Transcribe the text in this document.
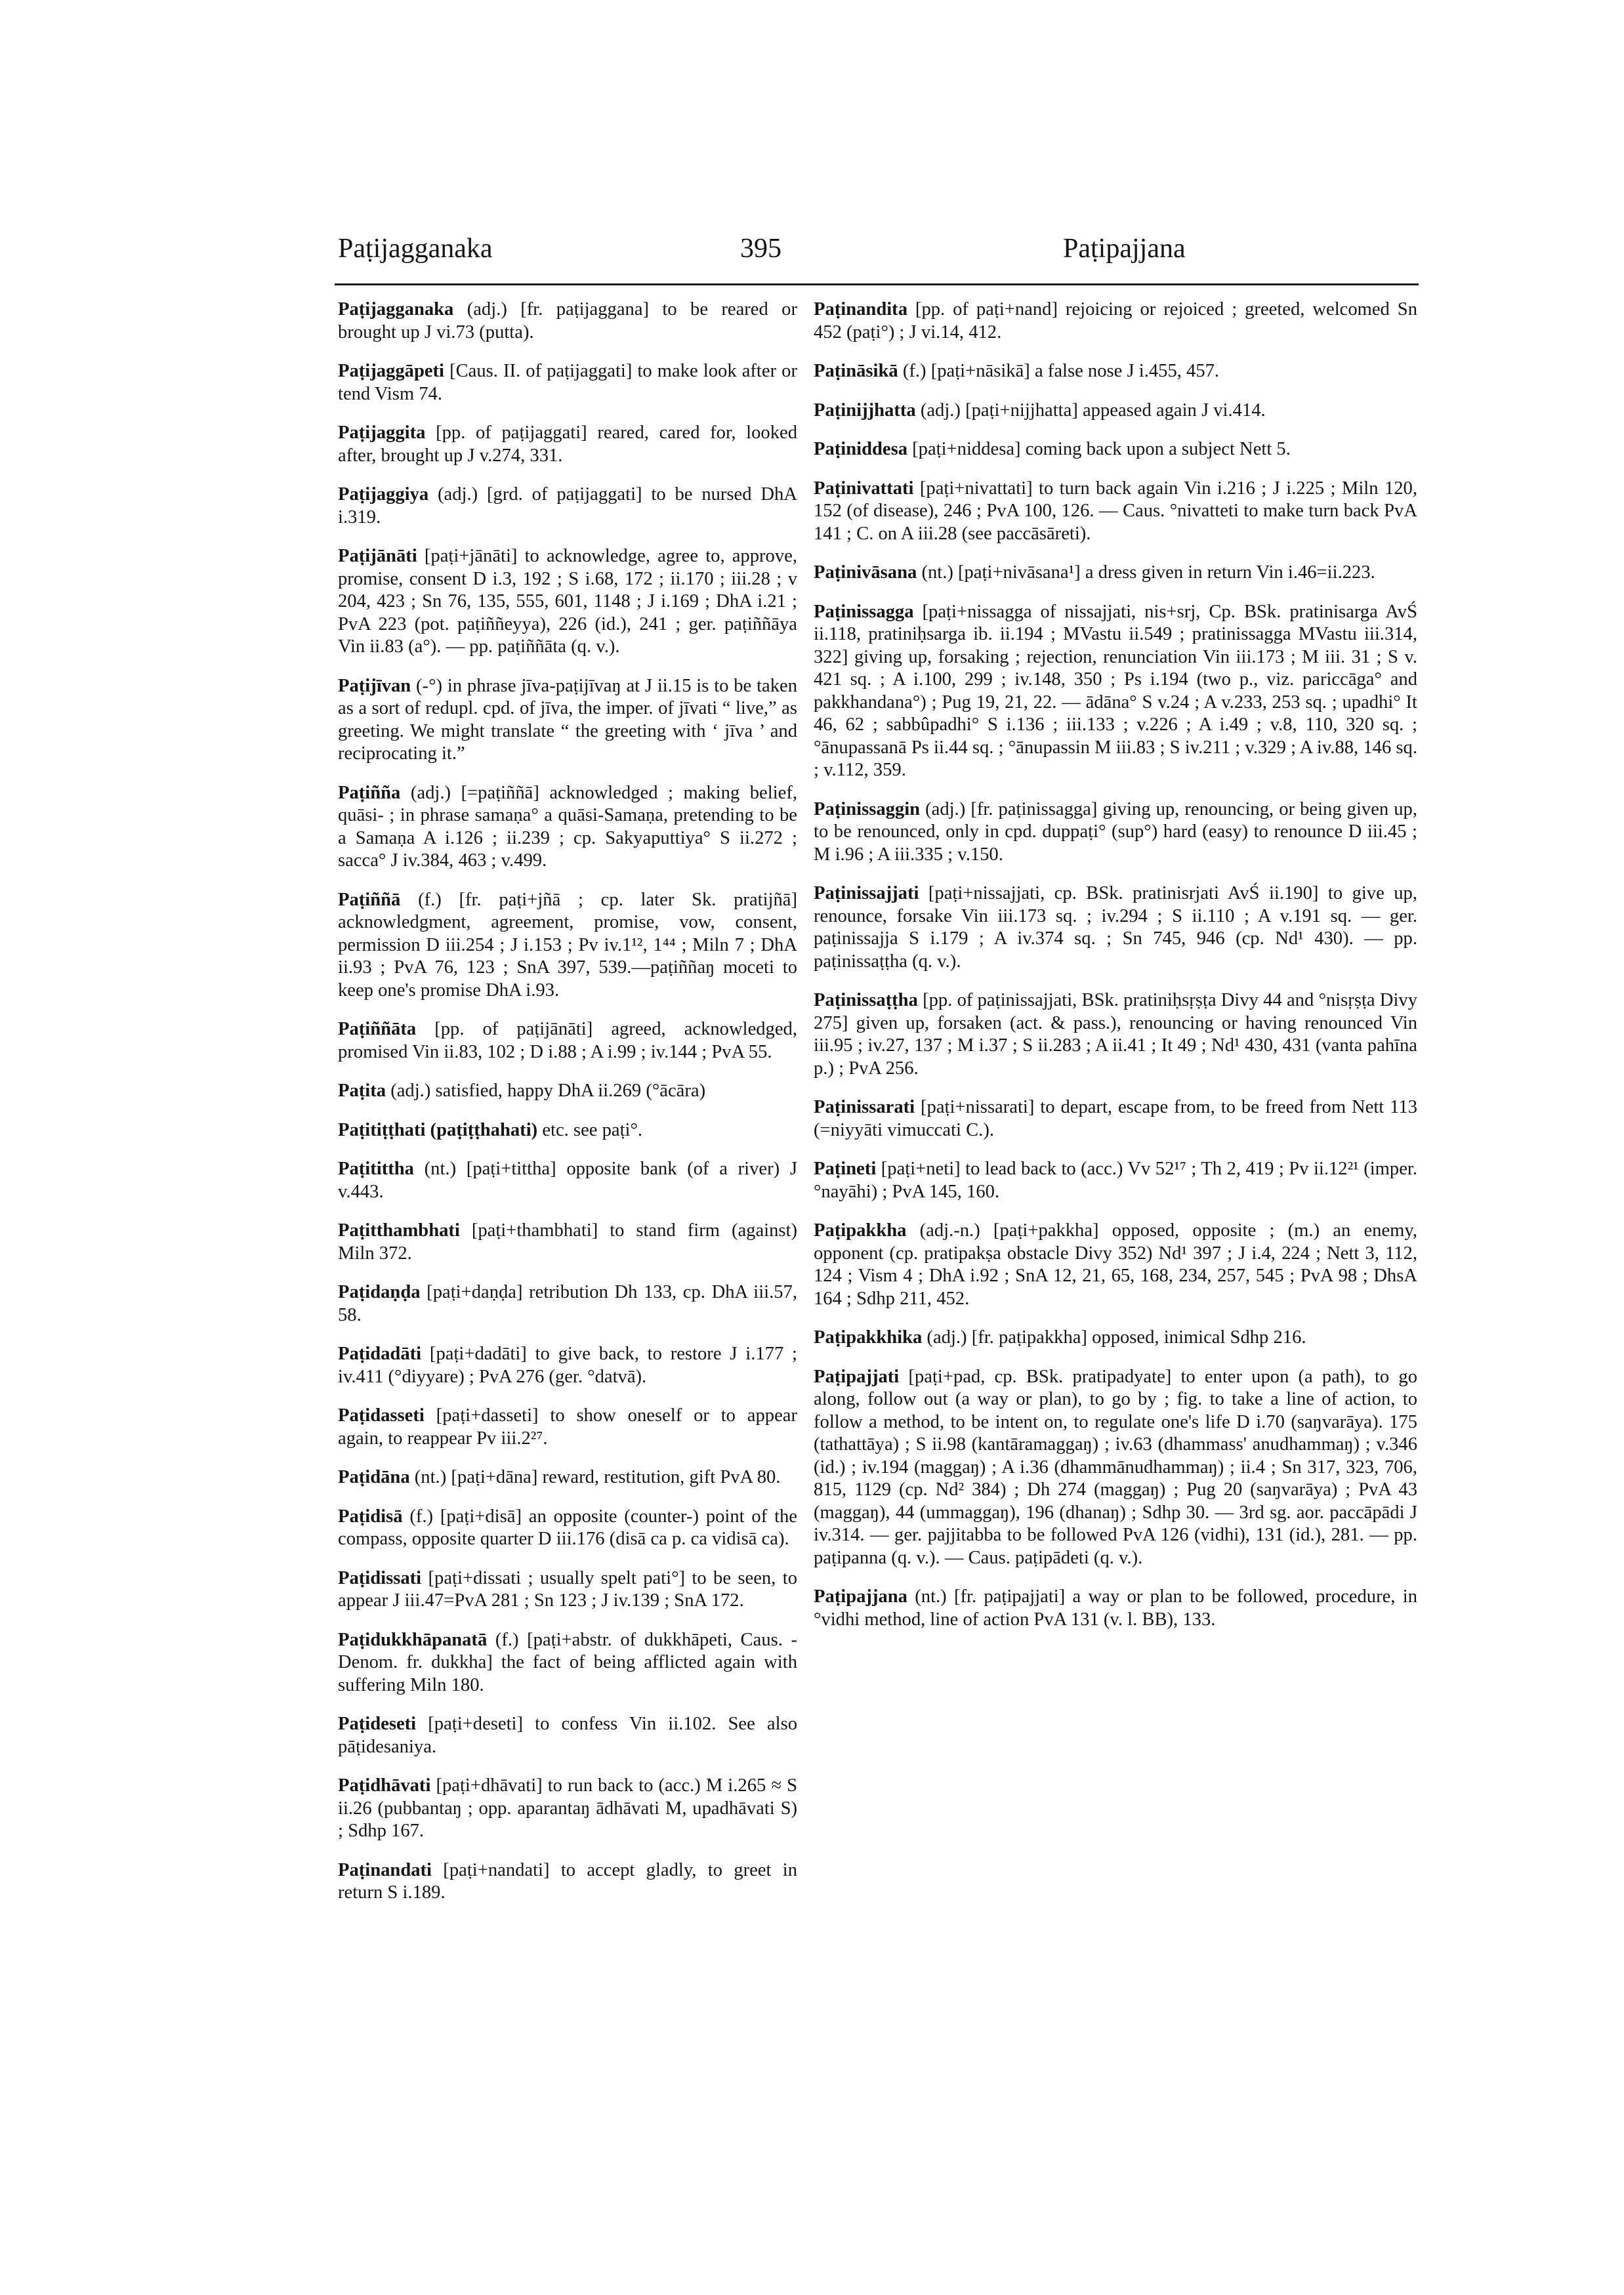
Paṭijagganaka	395	Paṭipajjana

Paṭijagganaka (adj.) [fr. paṭijaggana] to be reared or brought up J vi.73 (putta).

Paṭijaggāpeti [Caus. II. of paṭijaggati] to make look after or tend Vism 74.

Paṭijaggita [pp. of paṭijaggati] reared, cared for, looked after, brought up J v.274, 331.

Paṭijaggiya (adj.) [grd. of paṭijaggati] to be nursed DhA i.319.

Paṭijānāti [paṭi+jānāti] to acknowledge, agree to, approve, promise, consent D i.3, 192 ; S i.68, 172 ; ii.170 ; iii.28 ; v 204, 423 ; Sn 76, 135, 555, 601, 1148 ; J i.169 ; DhA i.21 ; PvA 223 (pot. paṭiññeyya), 226 (id.), 241 ; ger. paṭiññāya Vin ii.83 (a°). — pp. paṭiññāta (q. v.).

Paṭijīvan (-°) in phrase jīva-paṭijīvaŋ at J ii.15 is to be taken as a sort of redupl. cpd. of jīva, the imper. of jīvati “ live,” as greeting. We might translate “ the greeting with ‘ jīva ’ and reciprocating it.”

Paṭiñña (adj.) [=paṭiññā] acknowledged ; making belief, quāsi- ; in phrase samaṇa° a quāsi-Samaṇa, pretending to be a Samaṇa A i.126 ; ii.239 ; cp. Sakyaputtiya° S ii.272 ; sacca° J iv.384, 463 ; v.499.

Paṭiññā (f.) [fr. paṭi+jñā ; cp. later Sk. pratijñā] acknowledgment, agreement, promise, vow, consent, permission D iii.254 ; J i.153 ; Pv iv.1¹², 1⁴⁴ ; Miln 7 ; DhA ii.93 ; PvA 76, 123 ; SnA 397, 539.—paṭiññaŋ moceti to keep one's promise DhA i.93.

Paṭiññāta [pp. of paṭijānāti] agreed, acknowledged, promised Vin ii.83, 102 ; D i.88 ; A i.99 ; iv.144 ; PvA 55.

Paṭita (adj.) satisfied, happy DhA ii.269 (°ācāra)

Paṭitiṭṭhati (paṭiṭṭhahati) etc. see paṭi°.

Paṭitittha (nt.) [paṭi+tittha] opposite bank (of a river) J v.443.

Paṭitthambhati [paṭi+thambhati] to stand firm (against) Miln 372.

Paṭidaṇḍa [paṭi+daṇḍa] retribution Dh 133, cp. DhA iii.57, 58.

Paṭidadāti [paṭi+dadāti] to give back, to restore J i.177 ; iv.411 (°diyyare) ; PvA 276 (ger. °datvā).

Paṭidasseti [paṭi+dasseti] to show oneself or to appear again, to reappear Pv iii.2²⁷.

Paṭidāna (nt.) [paṭi+dāna] reward, restitution, gift PvA 80.

Paṭidisā (f.) [paṭi+disā] an opposite (counter-) point of the compass, opposite quarter D iii.176 (disā ca p. ca vidisā ca).

Paṭidissati [paṭi+dissati ; usually spelt pati°] to be seen, to appear J iii.47=PvA 281 ; Sn 123 ; J iv.139 ; SnA 172.

Paṭidukkhāpanatā (f.) [paṭi+abstr. of dukkhāpeti, Caus. -Denom. fr. dukkha] the fact of being afflicted again with suffering Miln 180.

Paṭideseti [paṭi+deseti] to confess Vin ii.102. See also pāṭidesaniya.

Paṭidhāvati [paṭi+dhāvati] to run back to (acc.) M i.265 ≈ S ii.26 (pubbantaŋ ; opp. aparantaŋ ādhāvati M, upadhāvati S) ; Sdhp 167.

Paṭinandati [paṭi+nandati] to accept gladly, to greet in return S i.189.

Paṭinandita [pp. of paṭi+nand] rejoicing or rejoiced ; greeted, welcomed Sn 452 (paṭi°) ; J vi.14, 412.

Paṭināsikā (f.) [paṭi+nāsikā] a false nose J i.455, 457.

Paṭinijjhatta (adj.) [paṭi+nijjhatta] appeased again J vi.414.

Paṭiniddesa [paṭi+niddesa] coming back upon a subject Nett 5.

Paṭinivattati [paṭi+nivattati] to turn back again Vin i.216 ; J i.225 ; Miln 120, 152 (of disease), 246 ; PvA 100, 126. — Caus. °nivatteti to make turn back PvA 141 ; C. on A iii.28 (see paccāsāreti).

Paṭinivāsana (nt.) [paṭi+nivāsana¹] a dress given in return Vin i.46=ii.223.

Paṭinissagga [paṭi+nissagga of nissajjati, nis+srj, Cp. BSk. pratinisarga AvŚ ii.118, pratiniḥsarga ib. ii.194 ; MVastu ii.549 ; pratinissagga MVastu iii.314, 322] giving up, forsaking ; rejection, renunciation Vin iii.173 ; M iii. 31 ; S v. 421 sq. ; A i.100, 299 ; iv.148, 350 ; Ps i.194 (two p., viz. pariccāga° and pakkhandana°) ; Pug 19, 21, 22. — ādāna° S v.24 ; A v.233, 253 sq. ; upadhi° It 46, 62 ; sabbûpadhi° S i.136 ; iii.133 ; v.226 ; A i.49 ; v.8, 110, 320 sq. ; °ānupassanā Ps ii.44 sq. ; °ānupassin M iii.83 ; S iv.211 ; v.329 ; A iv.88, 146 sq. ; v.112, 359.

Paṭinissaggin (adj.) [fr. paṭinissagga] giving up, renouncing, or being given up, to be renounced, only in cpd. duppaṭi° (sup°) hard (easy) to renounce D iii.45 ; M i.96 ; A iii.335 ; v.150.

Paṭinissajjati [paṭi+nissajjati, cp. BSk. pratinisrjati AvŚ ii.190] to give up, renounce, forsake Vin iii.173 sq. ; iv.294 ; S ii.110 ; A v.191 sq. — ger. paṭinissajja S i.179 ; A iv.374 sq. ; Sn 745, 946 (cp. Nd¹ 430). — pp. paṭinissaṭṭha (q. v.).

Paṭinissaṭṭha [pp. of paṭinissajjati, BSk. pratiniḥsṛṣṭa Divy 44 and °nisṛṣṭa Divy 275] given up, forsaken (act. & pass.), renouncing or having renounced Vin iii.95 ; iv.27, 137 ; M i.37 ; S ii.283 ; A ii.41 ; It 49 ; Nd¹ 430, 431 (vanta pahīna p.) ; PvA 256.

Paṭinissarati [paṭi+nissarati] to depart, escape from, to be freed from Nett 113 (=niyyāti vimuccati C.).

Paṭineti [paṭi+neti] to lead back to (acc.) Vv 52¹⁷ ; Th 2, 419 ; Pv ii.12²¹ (imper. °nayāhi) ; PvA 145, 160.

Paṭipakkha (adj.-n.) [paṭi+pakkha] opposed, opposite ; (m.) an enemy, opponent (cp. pratipakṣa obstacle Divy 352) Nd¹ 397 ; J i.4, 224 ; Nett 3, 112, 124 ; Vism 4 ; DhA i.92 ; SnA 12, 21, 65, 168, 234, 257, 545 ; PvA 98 ; DhsA 164 ; Sdhp 211, 452.

Paṭipakkhika (adj.) [fr. paṭipakkha] opposed, inimical Sdhp 216.

Paṭipajjati [paṭi+pad, cp. BSk. pratipadyate] to enter upon (a path), to go along, follow out (a way or plan), to go by ; fig. to take a line of action, to follow a method, to be intent on, to regulate one's life D i.70 (saŋvarāya). 175 (tathattāya) ; S ii.98 (kantāramaggaŋ) ; iv.63 (dhammass' anudhammaŋ) ; v.346 (id.) ; iv.194 (maggaŋ) ; A i.36 (dhammānudhammaŋ) ; ii.4 ; Sn 317, 323, 706, 815, 1129 (cp. Nd² 384) ; Dh 274 (maggaŋ) ; Pug 20 (saŋvarāya) ; PvA 43 (maggaŋ), 44 (ummaggaŋ), 196 (dhanaŋ) ; Sdhp 30. — 3rd sg. aor. paccāpādi J iv.314. — ger. pajjitabba to be followed PvA 126 (vidhi), 131 (id.), 281. — pp. paṭipanna (q. v.). — Caus. paṭipādeti (q. v.).

Paṭipajjana (nt.) [fr. paṭipajjati] a way or plan to be followed, procedure, in °vidhi method, line of action PvA 131 (v. l. BB), 133.
